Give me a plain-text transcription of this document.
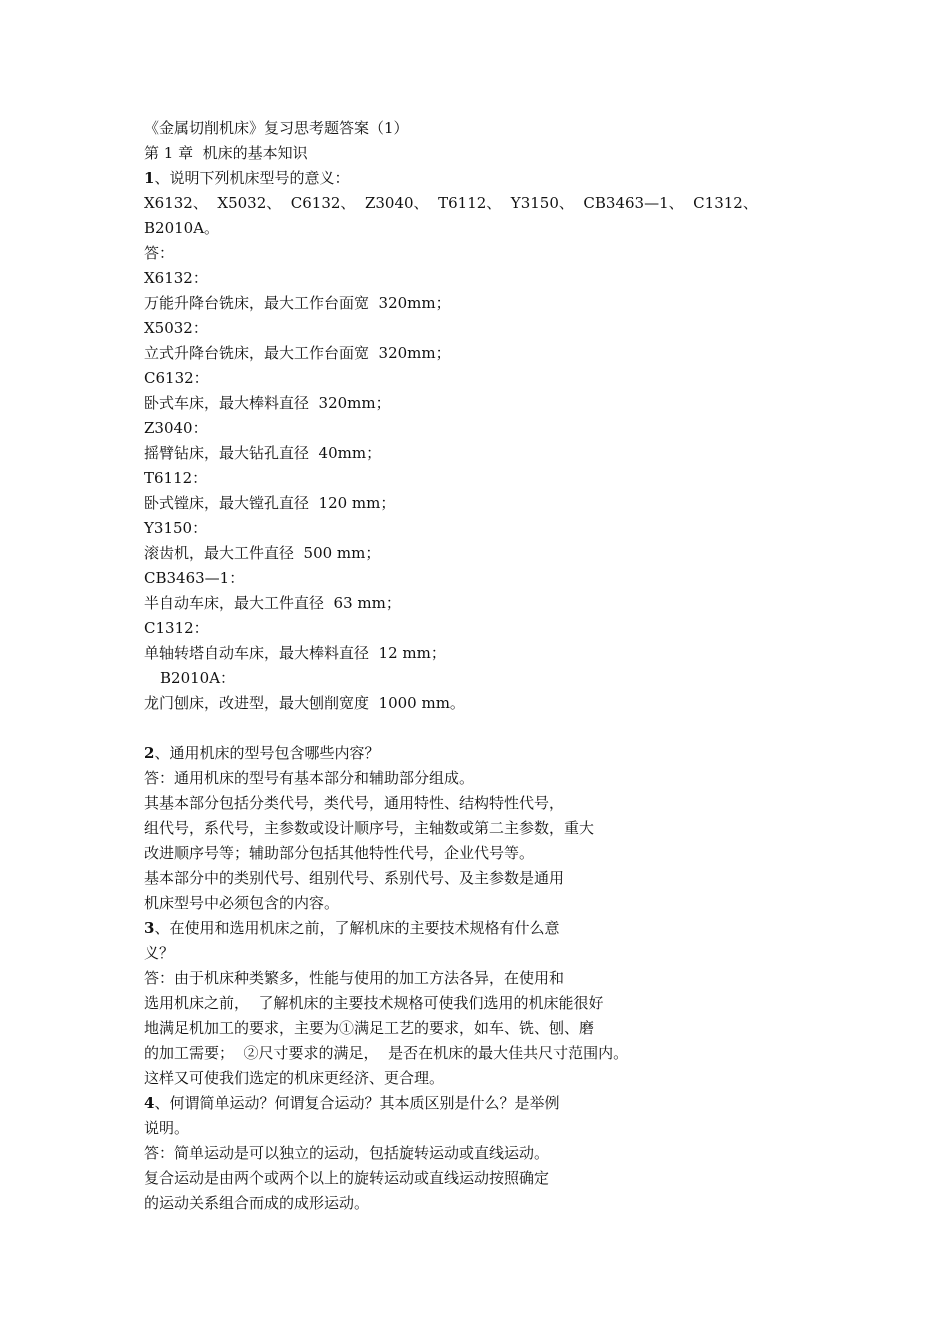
《金属切削机床》复习思考题答案（1）
第 1 章  机床的基本知识
1、说明下列机床型号的意义：
X6132、  X5032、  C6132、  Z3040、  T6112、  Y3150、  CB3463—1、  C1312、
B2010A。
答：
X6132：
万能升降台铣床，最大工作台面宽  320mm；
X5032：
立式升降台铣床，最大工作台面宽  320mm；
C6132：
卧式车床，最大棒料直径  320mm；
Z3040：
摇臂钻床，最大钻孔直径  40mm；
T6112：
卧式镗床，最大镗孔直径  120 mm；
Y3150：
滚齿机，最大工件直径  500 mm；
CB3463—1：
半自动车床，最大工件直径  63 mm；
C1312：
单轴转塔自动车床，最大棒料直径  12 mm；
B2010A：
龙门刨床，改进型，最大刨削宽度  1000 mm。
2、通用机床的型号包含哪些内容？
答：通用机床的型号有基本部分和辅助部分组成。
其基本部分包括分类代号，类代号，通用特性、结构特性代号，
组代号，系代号，主参数或设计顺序号，主轴数或第二主参数，重大
改进顺序号等；辅助部分包括其他特性代号，企业代号等。
基本部分中的类别代号、组别代号、系别代号、及主参数是通用
机床型号中必须包含的内容。
3、在使用和选用机床之前，了解机床的主要技术规格有什么意
义？
答：由于机床种类繁多，性能与使用的加工方法各异，在使用和
选用机床之前，  了解机床的主要技术规格可使我们选用的机床能很好
地满足机加工的要求，主要为①满足工艺的要求，如车、铣、刨、磨
的加工需要；  ②尺寸要求的满足，  是否在机床的最大佳共尺寸范围内。
这样又可使我们选定的机床更经济、更合理。
4、何谓简单运动？何谓复合运动？其本质区别是什么？是举例
说明。
答：简单运动是可以独立的运动，包括旋转运动或直线运动。
复合运动是由两个或两个以上的旋转运动或直线运动按照确定
的运动关系组合而成的成形运动。
